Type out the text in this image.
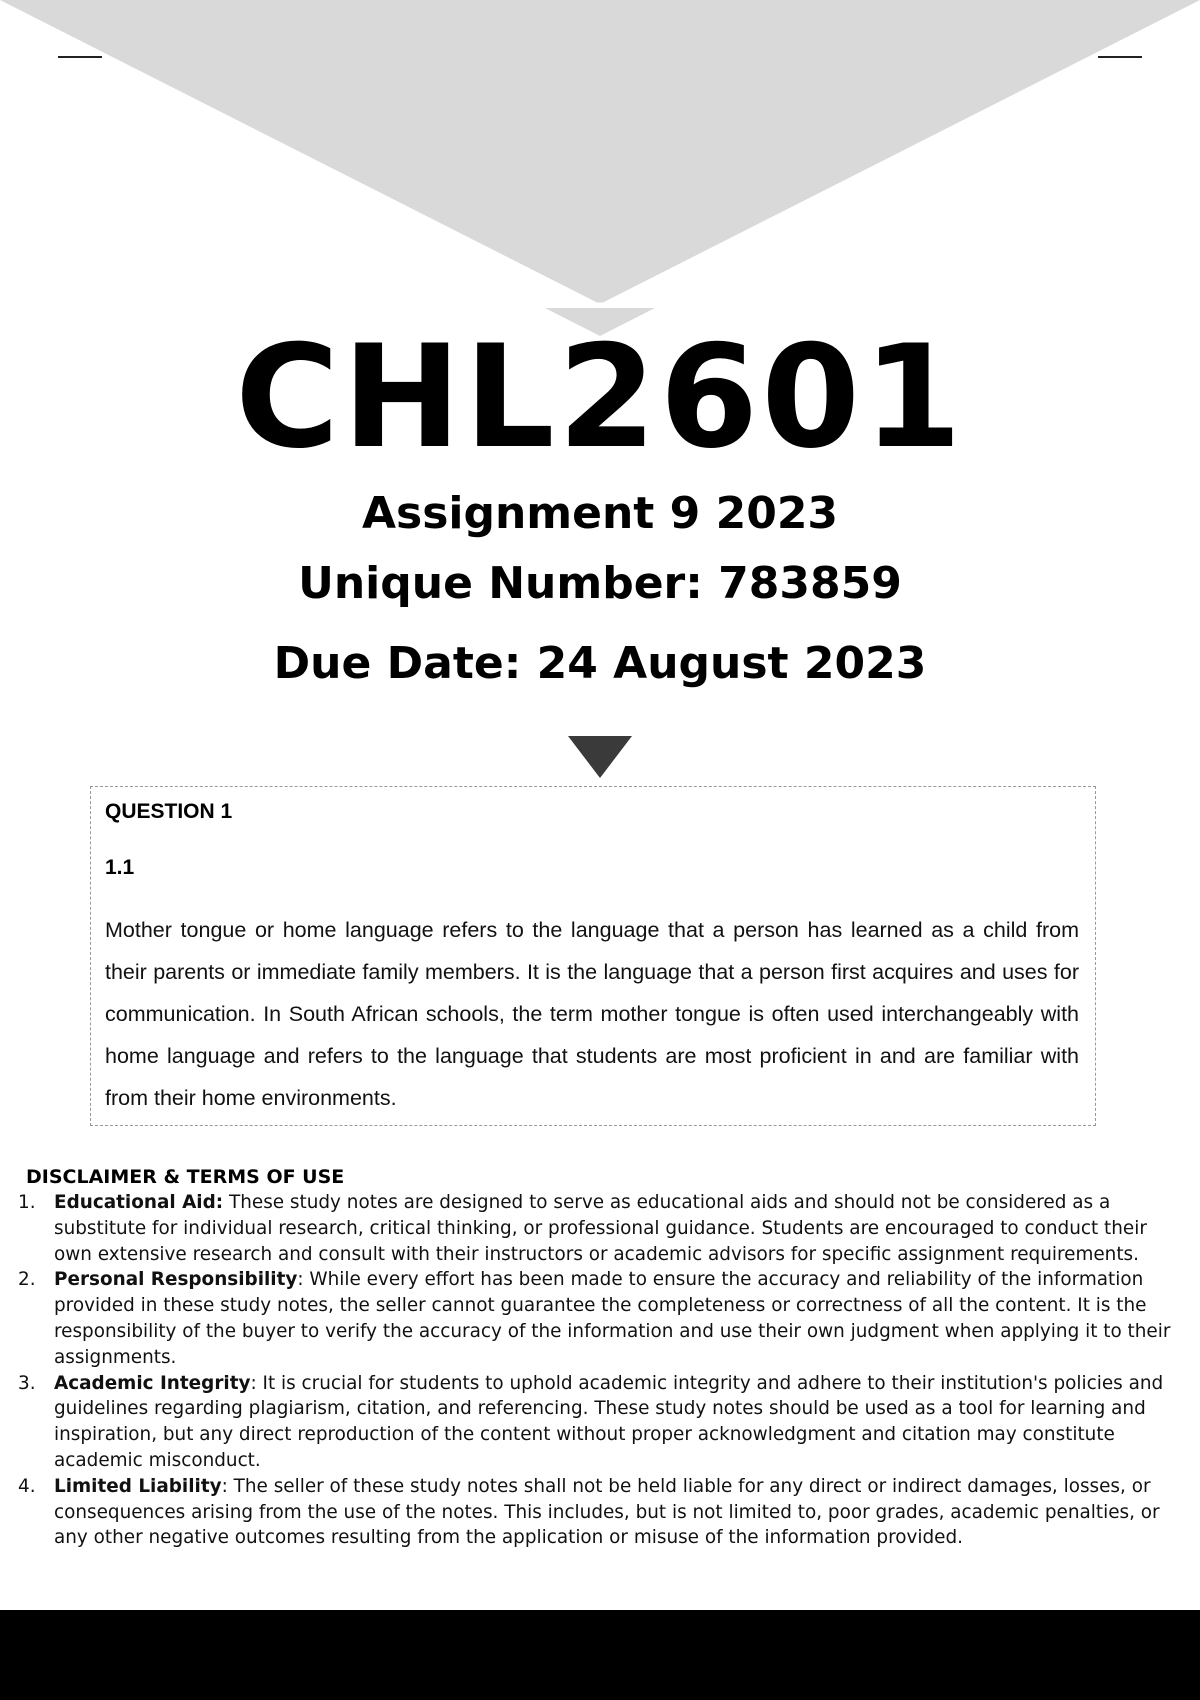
CHL2601
Assignment 9 2023
Unique Number: 783859
Due Date: 24 August 2023
QUESTION 1
1.1
Mother tongue or home language refers to the language that a person has learned as a child from their parents or immediate family members. It is the language that a person first acquires and uses for communication. In South African schools, the term mother tongue is often used interchangeably with home language and refers to the language that students are most proficient in and are familiar with from their home environments.
DISCLAIMER & TERMS OF USE
1. Educational Aid: These study notes are designed to serve as educational aids and should not be considered as a substitute for individual research, critical thinking, or professional guidance. Students are encouraged to conduct their own extensive research and consult with their instructors or academic advisors for specific assignment requirements.
2. Personal Responsibility: While every effort has been made to ensure the accuracy and reliability of the information provided in these study notes, the seller cannot guarantee the completeness or correctness of all the content. It is the responsibility of the buyer to verify the accuracy of the information and use their own judgment when applying it to their assignments.
3. Academic Integrity: It is crucial for students to uphold academic integrity and adhere to their institution's policies and guidelines regarding plagiarism, citation, and referencing. These study notes should be used as a tool for learning and inspiration, but any direct reproduction of the content without proper acknowledgment and citation may constitute academic misconduct.
4. Limited Liability: The seller of these study notes shall not be held liable for any direct or indirect damages, losses, or consequences arising from the use of the notes. This includes, but is not limited to, poor grades, academic penalties, or any other negative outcomes resulting from the application or misuse of the information provided.
